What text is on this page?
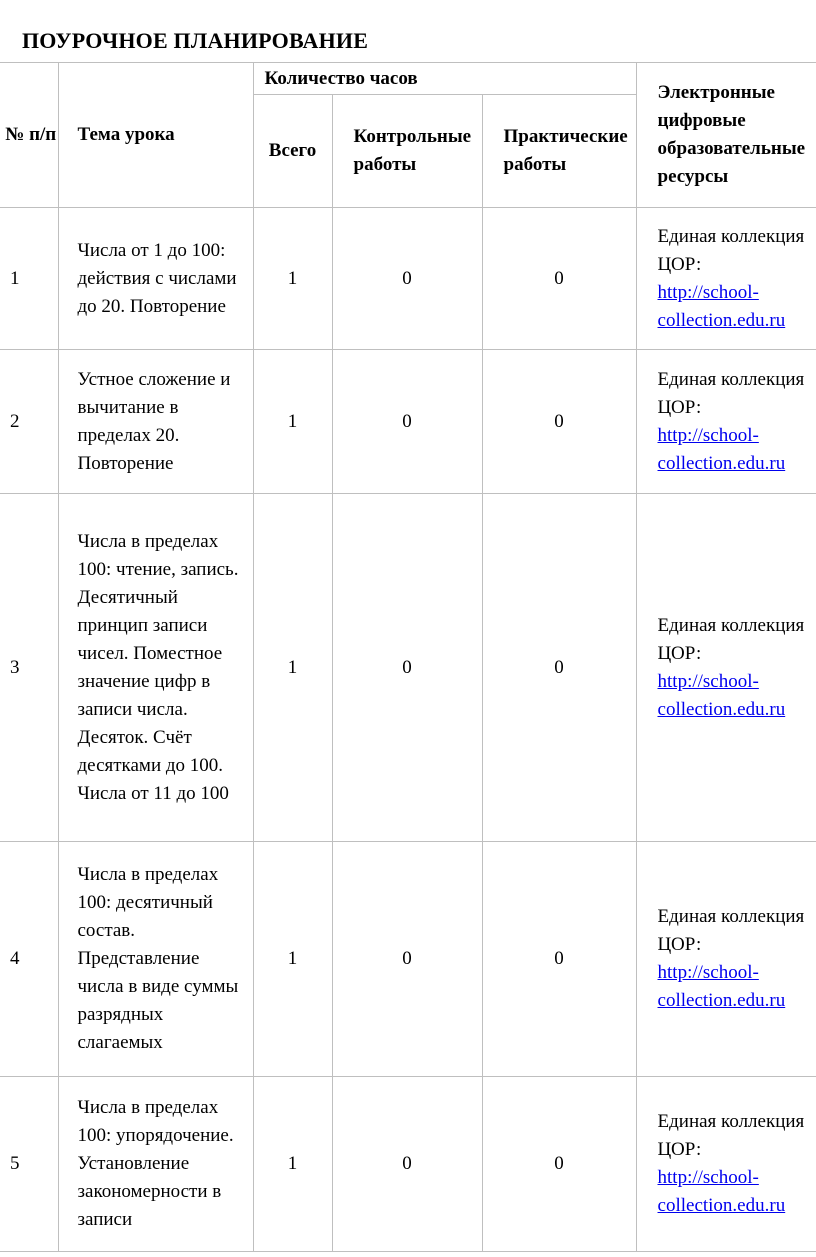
ПОУРОЧНОЕ ПЛАНИРОВАНИЕ
№ п/п	Тема урока	Количество часов			Электронные цифровые образовательные ресурсы
		Всего	Контрольные работы	Практические работы	
1	Числа от 1 до 100: действия с числами до 20. Повторение	1	0	0	Единая коллекция ЦОР:
http://school-collection.edu.ru
2	Устное сложение и вычитание в пределах 20. Повторение	1	0	0	Единая коллекция ЦОР:
http://school-collection.edu.ru
3	Числа в пределах 100: чтение, запись. Десятичный принцип записи чисел. Поместное значение цифр в записи числа. Десяток. Счёт десятками до 100. Числа от 11 до 100	1	0	0	Единая коллекция ЦОР:
http://school-collection.edu.ru
4	Числа в пределах 100: десятичный состав. Представление числа в виде суммы разрядных слагаемых	1	0	0	Единая коллекция ЦОР:
http://school-collection.edu.ru
5	Числа в пределах 100: упорядочение. Установление закономерности в записи	1	0	0	Единая коллекция ЦОР:
http://school-collection.edu.ru
